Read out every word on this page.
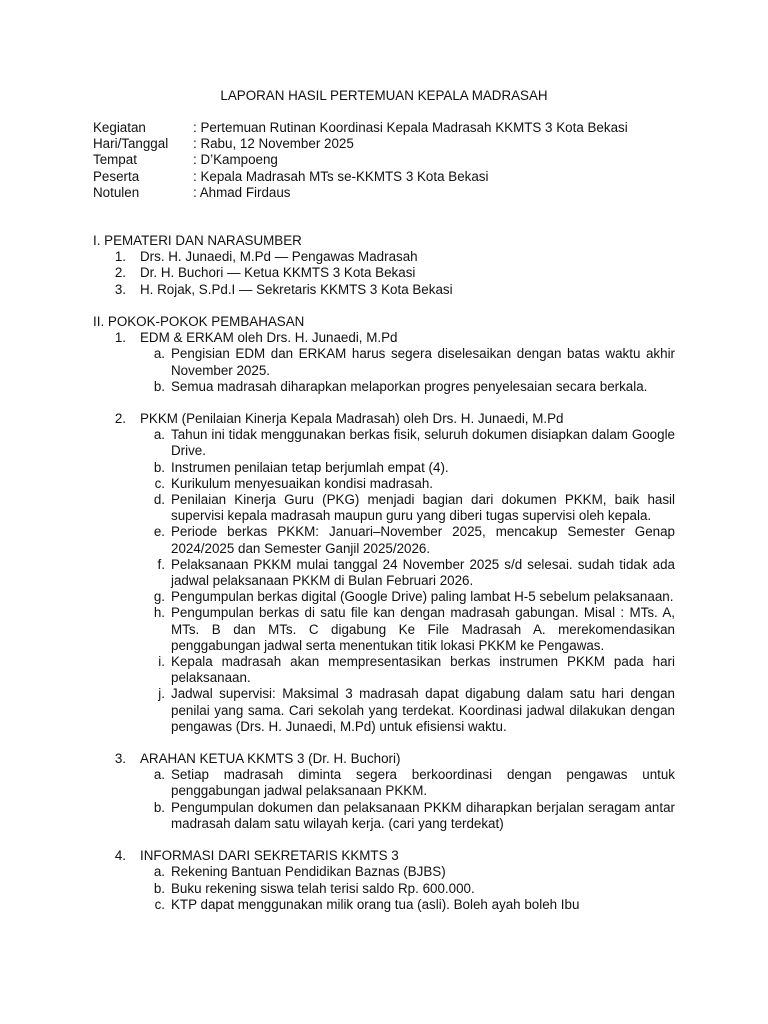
LAPORAN HASIL PERTEMUAN KEPALA MADRASAH
Kegiatan	: Pertemuan Rutinan Koordinasi Kepala Madrasah KKMTS 3 Kota Bekasi
Hari/Tanggal	: Rabu, 12 November 2025
Tempat	: D’Kampoeng
Peserta	: Kepala Madrasah MTs se-KKMTS 3 Kota Bekasi
Notulen	: Ahmad Firdaus
I. PEMATERI DAN NARASUMBER
1. Drs. H. Junaedi, M.Pd — Pengawas Madrasah
2. Dr. H. Buchori — Ketua KKMTS 3 Kota Bekasi
3. H. Rojak, S.Pd.I — Sekretaris KKMTS 3 Kota Bekasi
II. POKOK-POKOK PEMBAHASAN
1. EDM & ERKAM oleh Drs. H. Junaedi, M.Pd
a. Pengisian EDM dan ERKAM harus segera diselesaikan dengan batas waktu akhir November 2025.
b. Semua madrasah diharapkan melaporkan progres penyelesaian secara berkala.
2. PKKM (Penilaian Kinerja Kepala Madrasah) oleh Drs. H. Junaedi, M.Pd
a. Tahun ini tidak menggunakan berkas fisik, seluruh dokumen disiapkan dalam Google Drive.
b. Instrumen penilaian tetap berjumlah empat (4).
c. Kurikulum menyesuaikan kondisi madrasah.
d. Penilaian Kinerja Guru (PKG) menjadi bagian dari dokumen PKKM, baik hasil supervisi kepala madrasah maupun guru yang diberi tugas supervisi oleh kepala.
e. Periode berkas PKKM: Januari–November 2025, mencakup Semester Genap 2024/2025 dan Semester Ganjil 2025/2026.
f. Pelaksanaan PKKM mulai tanggal 24 November 2025 s/d selesai. sudah tidak ada jadwal pelaksanaan PKKM di Bulan Februari 2026.
g. Pengumpulan berkas digital (Google Drive) paling lambat H-5 sebelum pelaksanaan.
h. Pengumpulan berkas di satu file kan dengan madrasah gabungan. Misal : MTs. A, MTs. B dan MTs. C digabung Ke File Madrasah A. merekomendasikan penggabungan jadwal serta menentukan titik lokasi PKKM ke Pengawas.
i. Kepala madrasah akan mempresentasikan berkas instrumen PKKM pada hari pelaksanaan.
j. Jadwal supervisi: Maksimal 3 madrasah dapat digabung dalam satu hari dengan penilai yang sama. Cari sekolah yang terdekat. Koordinasi jadwal dilakukan dengan pengawas (Drs. H. Junaedi, M.Pd) untuk efisiensi waktu.
3. ARAHAN KETUA KKMTS 3 (Dr. H. Buchori)
a. Setiap madrasah diminta segera berkoordinasi dengan pengawas untuk penggabungan jadwal pelaksanaan PKKM.
b. Pengumpulan dokumen dan pelaksanaan PKKM diharapkan berjalan seragam antar madrasah dalam satu wilayah kerja. (cari yang terdekat)
4. INFORMASI DARI SEKRETARIS KKMTS 3
a. Rekening Bantuan Pendidikan Baznas (BJBS)
b. Buku rekening siswa telah terisi saldo Rp. 600.000.
c. KTP dapat menggunakan milik orang tua (asli). Boleh ayah boleh Ibu
